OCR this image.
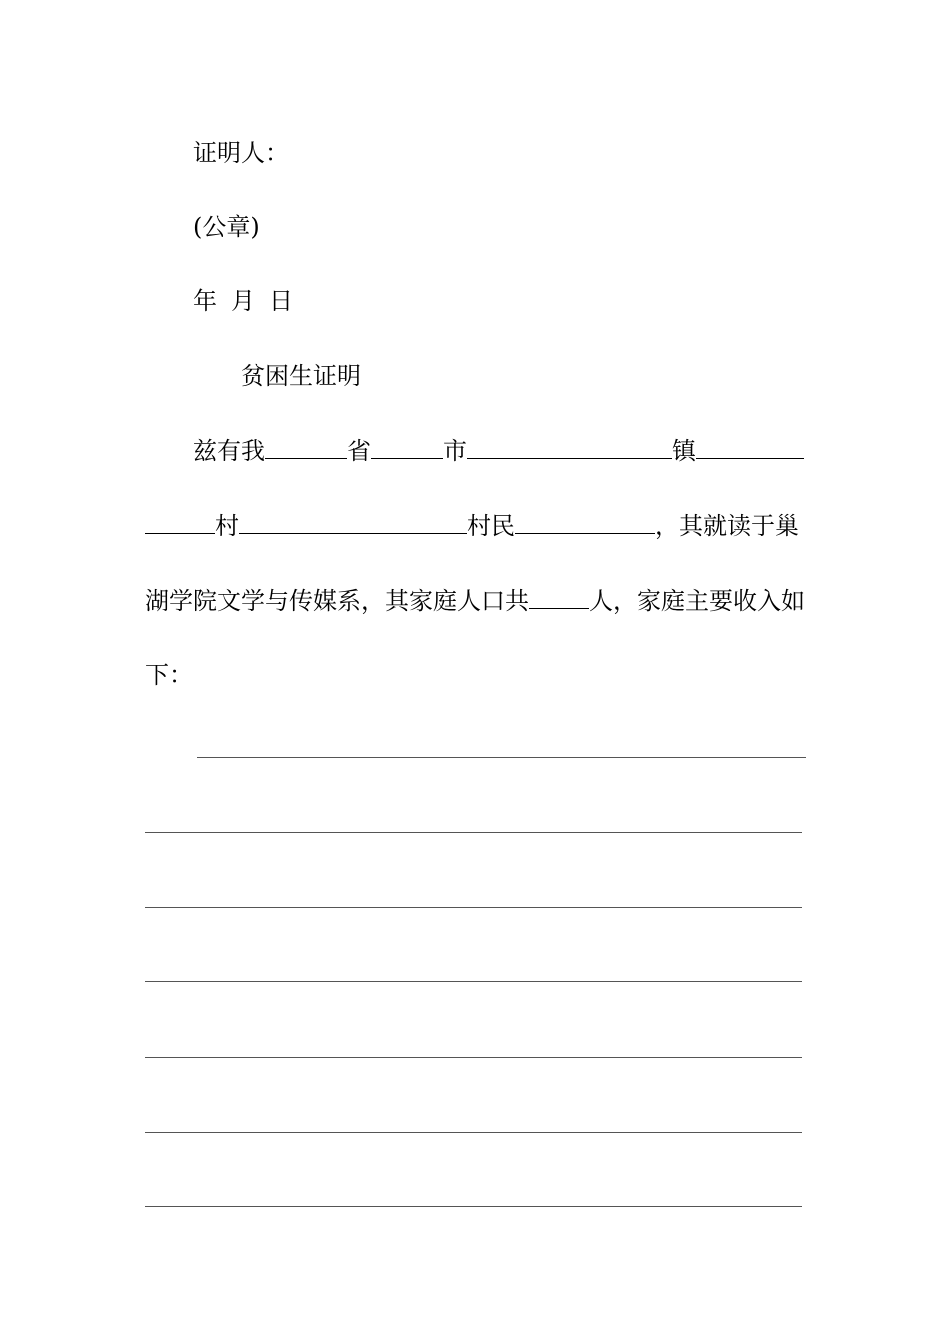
证明人：
(公章)
年 月 日
贫困生证明
兹有我	省	市	镇
村	村民	，其就读于巢
湖学院文学与传媒系，其家庭人口共	人，家庭主要收入如
下：
